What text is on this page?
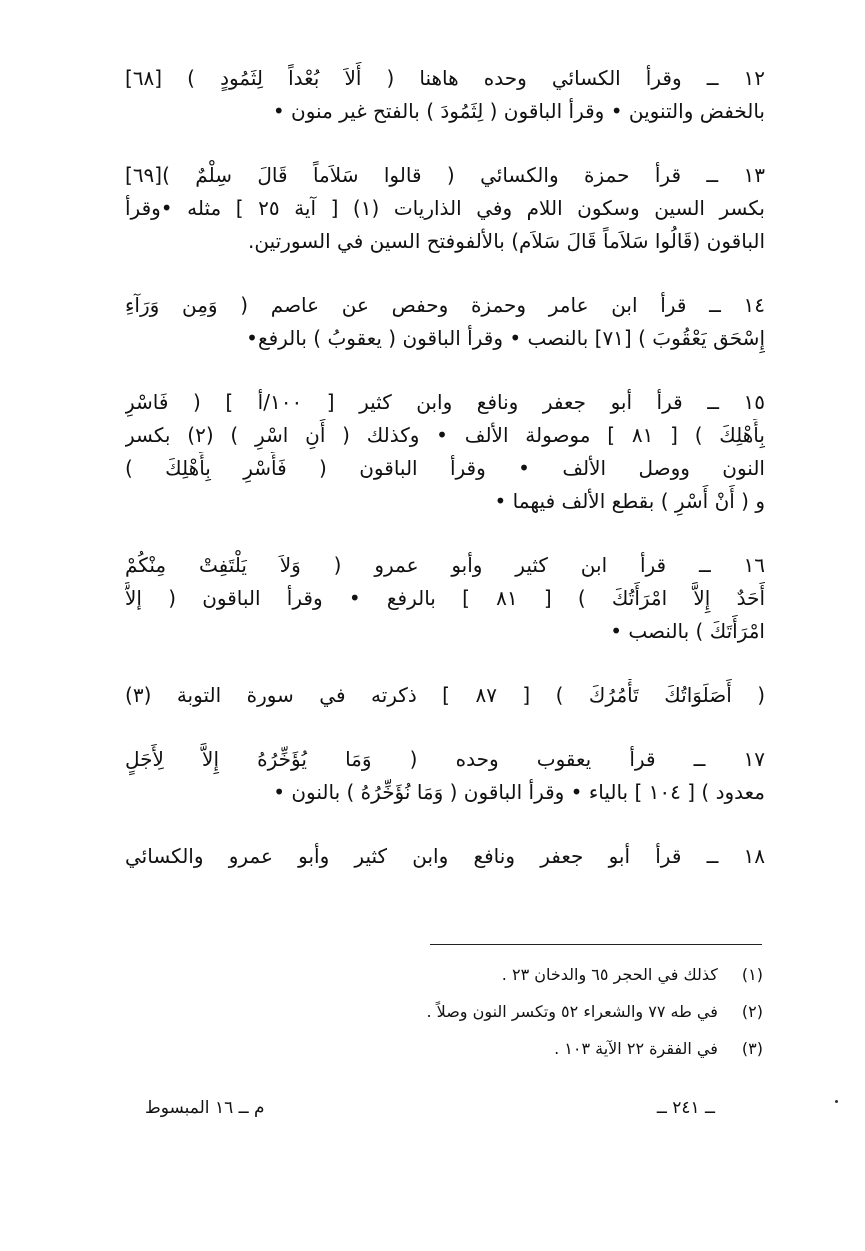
١٢ ــ وقرأ الكسائي وحده هاهنا ( أَلاَ بُعْداً لِثَمُودٍ ) [٦٨]
بالخفض والتنوين • وقرأ الباقون ( لِثَمُودَ ) بالفتح غير منون •
١٣ ــ قرأ حمزة والكسائي ( قالوا سَلاَماً قَالَ سِلْمٌ )[٦٩]
بكسر السين وسكون اللام وفي الذاريات (١) [ آية ٢٥ ] مثله •وقرأ
الباقون (قَالُوا سَلاَماً قَالَ سَلاَم) بالألفوفتح السين في السورتين.
١٤ ــ قرأ ابن عامر وحمزة وحفص عن عاصم ( وَمِن وَرَآءِ
إِسْحَق يَعْقُوبَ ) [٧١] بالنصب • وقرأ الباقون ( يعقوبُ ) بالرفع•
١٥ ــ قرأ أبو جعفر ونافع وابن كثير [ ١٠٠/أ ] ( فَاسْرِ
بِأَهْلِكَ ) [ ٨١ ] موصولة الألف • وكذلك ( أَنِ اسْرِ ) (٢) بكسر
النون ووصل الألف • وقرأ الباقون ( فَأَسْرِ بِأَهْلِكَ )
و ( أَنْ أَسْرِ ) بقطع الألف فيهما •
١٦ ــ قرأ ابن كثير وأبو عمرو ( وَلاَ يَلْتَفِتْ مِنْكُمْ
أَحَدٌ إِلاَّ امْرَأَتُكَ ) [ ٨١ ] بالرفع • وقرأ الباقون ( إلاَّ
امْرَأَتَكَ ) بالنصب •
( أَصَلَوَاتُكَ تَأْمُرُكَ ) [ ٨٧ ] ذكرته في سورة التوبة (٣)
١٧ ــ قرأ يعقوب وحده ( وَمَا يُؤَخِّرُهُ إِلاَّ لِأَجَلٍ
معدود ) [ ١٠٤ ] بالياء • وقرأ الباقون ( وَمَا نُؤَخِّرُهُ ) بالنون •
١٨ ــ قرأ أبو جعفر ونافع وابن كثير وأبو عمرو والكسائي
(١) كذلك في الحجر ٦٥ والدخان ٢٣ .
(٢) في طه ٧٧ والشعراء ٥٢ وتكسر النون وصلاً .
(٣) في الفقرة ٢٢ الآية ١٠٣ .
ــ ٢٤١ ــ
م ــ ١٦ المبسوط
